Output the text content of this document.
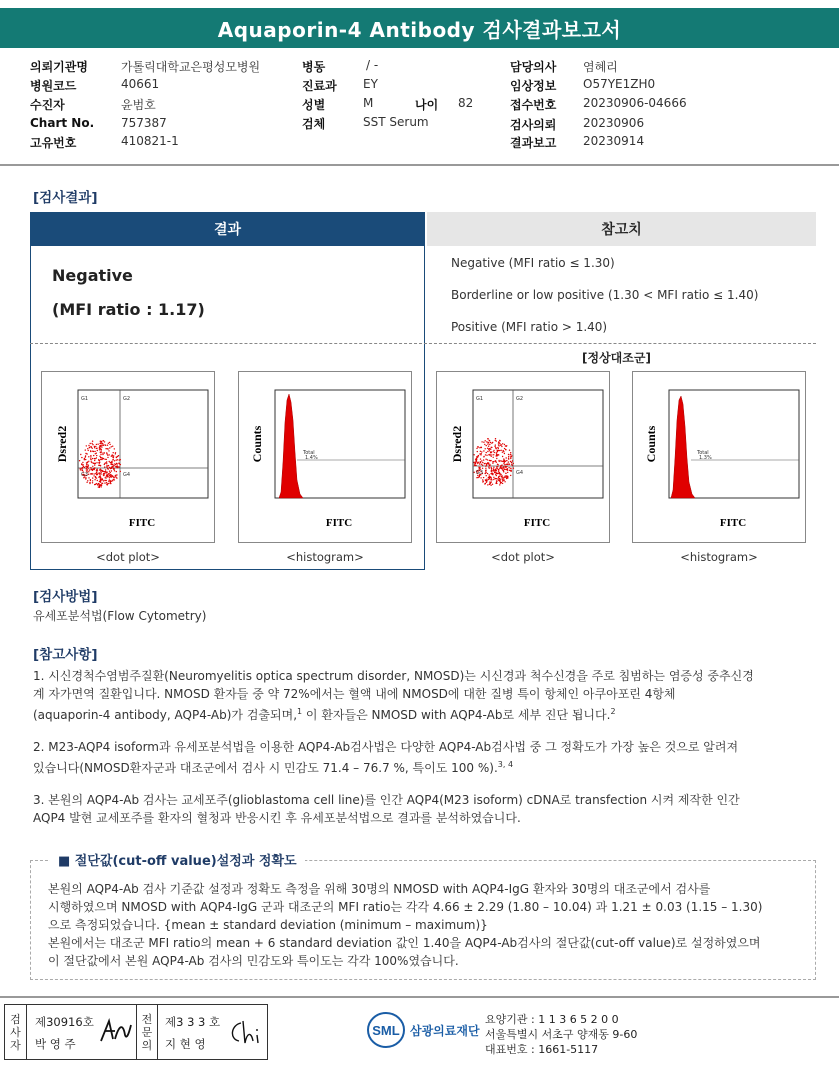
Aquaporin-4 Antibody 검사결과보고서
의뢰기관명	가톨릭대학교은평성모병원
병원코드	40661
수진자	윤범호
Chart No. 757387
고유번호	410821-1
병동	/ -
진료과 EY
성별	M	나이 82
검체	SST Serum
담당의사 염혜리
임상정보 O57YE1ZH0
접수번호 20230906-04666
검사의뢰 20230906
결과보고 20230914
[검사결과]
결과	참고치
Negative
(MFI ratio : 1.17)
Negative (MFI ratio ≤ 1.30)
Borderline or low positive (1.30 < MFI ratio ≤ 1.40)
Positive (MFI ratio > 1.40)
[정상대조군]
G1	G2
G3	G4
Dsred2
FITC
<dot plot>
Total
1.4%
Counts
FITC
<histogram>
G1	G2
G3	G4
Dsred2
FITC
<dot plot>
Total
1.3%
Counts
FITC
<histogram>
[검사방법]
유세포분석법(Flow Cytometry)
[참고사항]
1. 시신경척수염범주질환(Neuromyelitis optica spectrum disorder, NMOSD)는 시신경과 척수신경을 주로 침범하는 염증성 중추신경
계 자가면역 질환입니다. NMOSD 환자들 중 약 72%에서는 혈액 내에 NMOSD에 대한 질병 특이 항체인 아쿠아포린 4항체
(aquaporin-4 antibody, AQP4-Ab)가 검출되며,$^1$ 이 환자들은 NMOSD with AQP4-Ab로 세부 진단 됩니다.$^2$
2. M23-AQP4 isoform과 유세포분석법을 이용한 AQP4-Ab검사법은 다양한 AQP4-Ab검사법 중 그 정확도가 가장 높은 것으로 알려져
있습니다(NMOSD환자군과 대조군에서 검사 시 민감도 71.4 – 76.7 %, 특이도 100 %).$^{3, 4}$
3. 본원의 AQP4-Ab 검사는 교세포주(glioblastoma cell line)를 인간 AQP4(M23 isoform) cDNA로 transfection 시켜 제작한 인간
AQP4 발현 교세포주를 환자의 혈청과 반응시킨 후 유세포분석법으로 결과를 분석하였습니다.
■ 절단값(cut-off value)설정과 정확도
본원의 AQP4-Ab 검사 기준값 설정과 정확도 측정을 위해 30명의 NMOSD with AQP4-IgG 환자와 30명의 대조군에서 검사를
시행하였으며 NMOSD with AQP4-IgG 군과 대조군의 MFI ratio는 각각 4.66 ± 2.29 (1.80 – 10.04) 과 1.21 ± 0.03 (1.15 – 1.30)
으로 측정되었습니다. {mean ± standard deviation (minimum – maximum)}
본원에서는 대조군 MFI ratio의 mean + 6 standard deviation 값인 1.40을 AQP4-Ab검사의 절단값(cut-off value)로 설정하였으며
이 절단값에서 본원 AQP4-Ab 검사의 민감도와 특이도는 각각 100%였습니다.
검
사
자
제30916호
박 영 주
전
문
의
제3 3 3 호
지 현 영
SML 삼광의료재단
요양기관 : 1 1 3 6 5 2 0 0
서울특별시 서초구 양재동 9-60
대표번호 : 1661-5117
